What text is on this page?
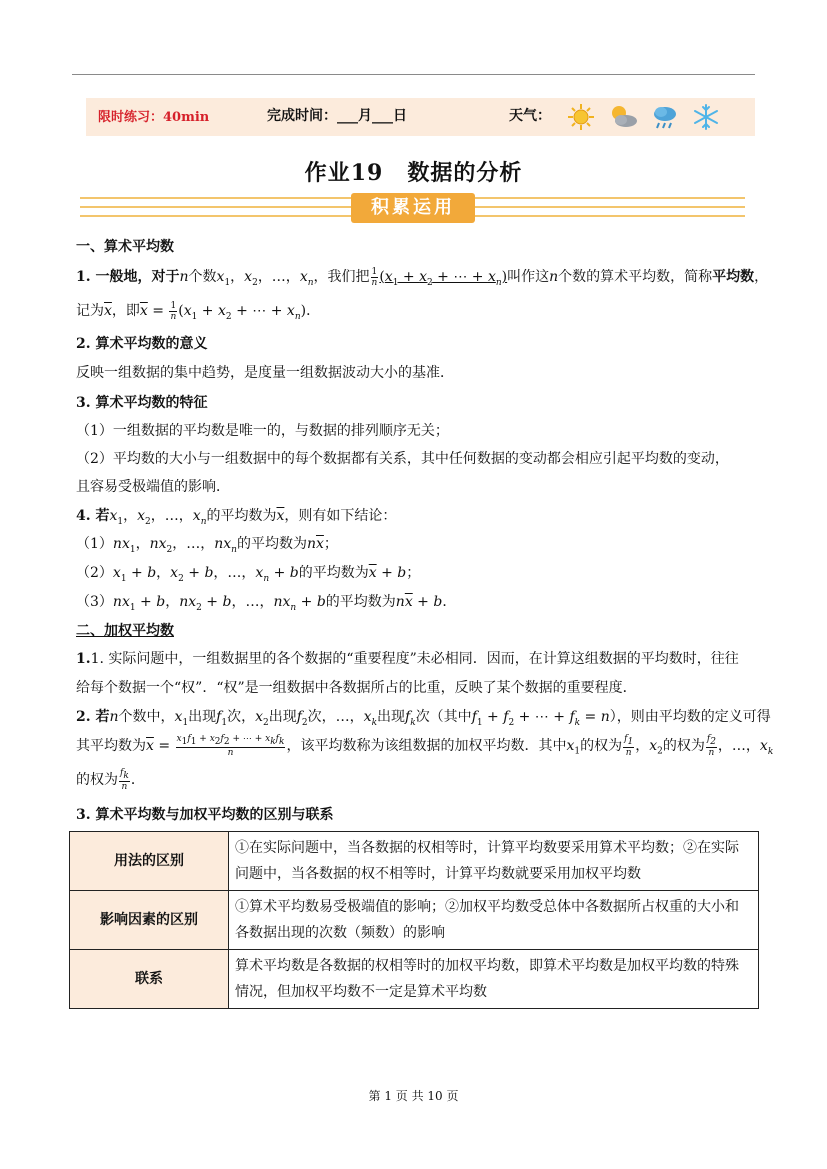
限时练习：40min	完成时间：___月___日	天气：
作业19 数据的分析
积累运用
一、算术平均数
1. 一般地，对于n个数$x_1$，$x_2$，…，$x_n$，我们把 $\frac{1}{n} (x_1 + x_2$ + ⋯ + $x_n$)叫作这n个数的算术平均数，简称平均数，
记为$\overline{x}$，即$\overline{x} = \frac{1}{n} (x_1 + x_2$ + ⋯ + $x_n$)．
2. 算术平均数的意义
反映一组数据的集中趋势，是度量一组数据波动大小的基准．
3. 算术平均数的特征
（1）一组数据的平均数是唯一的，与数据的排列顺序无关；
（2）平均数的大小与一组数据中的每个数据都有关系，其中任何数据的变动都会相应引起平均数的变动，
且容易受极端值的影响．
4. 若$x_1$，$x_2$，…，$x_n$的平均数为$\overline{x}$，则有如下结论：
$(1)nx_1$，$nx_2$，…，$nx_n$的平均数为$n\overline{x}$；
$(2)x_1 + b$，$x_2 + b$，…，$x_n + b$的平均数为$\overline{x} + b$；
$(3)nx_1 + b$，$nx_2 + b$，…，$nx_n + b$的平均数为$n\overline{x} + b$．
二、加权平均数
1.1. 实际问题中，一组数据里的各个数据的“重要程度”未必相同．因而，在计算这组数据的平均数时，往往
给每个数据一个“权”．“权”是一组数据中各数据所占的比重，反映了某个数据的重要程度．
2. 若n个数中，$x_1$出现$f_1$次，$x_2$出现$f_2$次，…，$x_k$出现$f_k$次（其中$f_1 + f_2$ + ⋯ + $f_k = n$），则由平均数的定义可得
其平均数为$\overline{x} = \frac{x_1f_1 + x_2f_2 + \cdots + x_kf_k}{n}$ ，该平均数称为该组数据的加权平均数．其中$x_1$的权为 $\frac{f_1}{n}$ ，$x_2$的权为 $\frac{f_2}{n}$ ，…，$x_k$
的权为 $\frac{f_k}{n}$ ．
3. 算术平均数与加权平均数的区别与联系
用法的区别	①在实际问题中，当各数据的权相等时，计算平均数要采用算术平均数；②在实际问题中，当各数据的权不相等时，计算平均数就要采用加权平均数
影响因素的区别	①算术平均数易受极端值的影响；②加权平均数受总体中各数据所占权重的大小和各数据出现的次数（频数）的影响
联系	算术平均数是各数据的权相等时的加权平均数，即算术平均数是加权平均数的特殊情况，但加权平均数不一定是算术平均数
第 1 页 共 10 页
